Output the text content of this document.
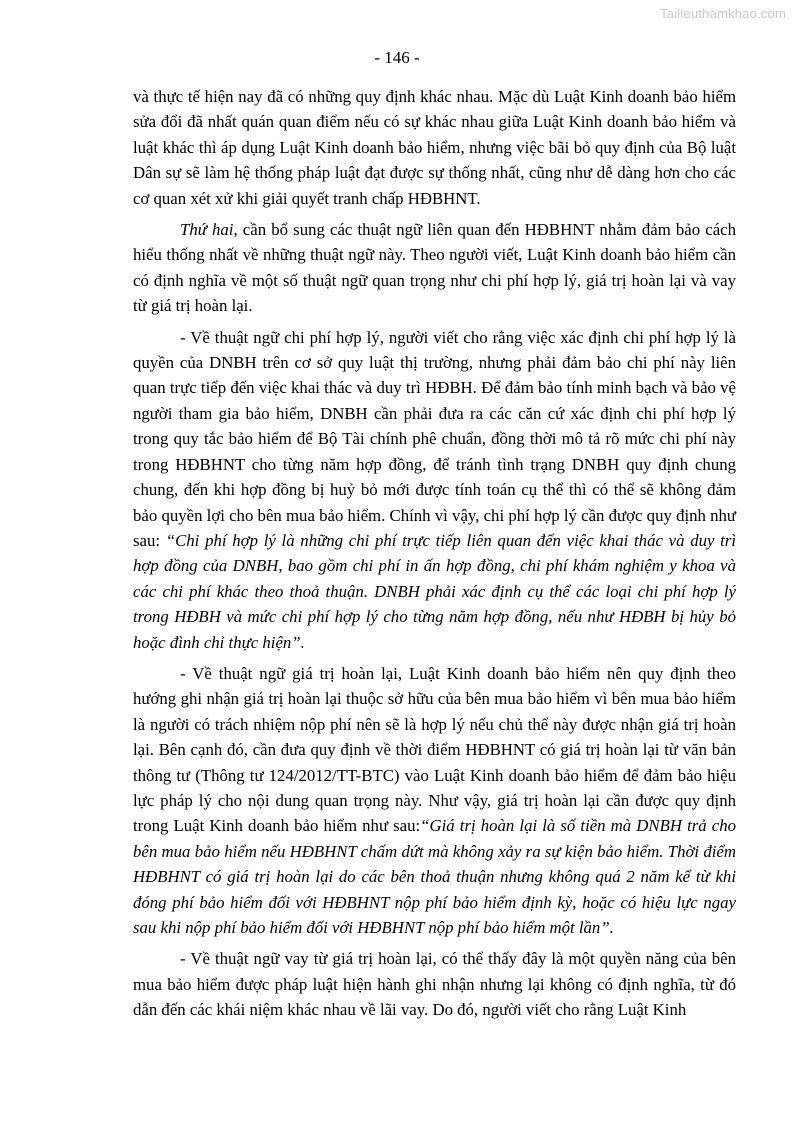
Tailieuthamkhao.com
- 146 -

và thực tế hiện nay đã có những quy định khác nhau. Mặc dù Luật Kinh doanh bảo hiểm sửa đổi đã nhất quán quan điểm nếu có sự khác nhau giữa Luật Kinh doanh bảo hiểm và luật khác thì áp dụng Luật Kinh doanh bảo hiểm, nhưng việc bãi bỏ quy định của Bộ luật Dân sự sẽ làm hệ thống pháp luật đạt được sự thống nhất, cũng như dễ dàng hơn cho các cơ quan xét xử khi giải quyết tranh chấp HĐBHNT.

Thứ hai, cần bổ sung các thuật ngữ liên quan đến HĐBHNT nhằm đảm bảo cách hiểu thống nhất về những thuật ngữ này. Theo người viết, Luật Kinh doanh bảo hiểm cần có định nghĩa về một số thuật ngữ quan trọng như chi phí hợp lý, giá trị hoàn lại và vay từ giá trị hoàn lại.

- Về thuật ngữ chi phí hợp lý, người viết cho rằng việc xác định chi phí hợp lý là quyền của DNBH trên cơ sở quy luật thị trường, nhưng phải đảm bảo chi phí này liên quan trực tiếp đến việc khai thác và duy trì HĐBH. Để đảm bảo tính minh bạch và bảo vệ người tham gia bảo hiểm, DNBH cần phải đưa ra các căn cứ xác định chi phí hợp lý trong quy tắc bảo hiểm để Bộ Tài chính phê chuẩn, đồng thời mô tả rõ mức chi phí này trong HĐBHNT cho từng năm hợp đồng, để tránh tình trạng DNBH quy định chung chung, đến khi hợp đồng bị huỷ bỏ mới được tính toán cụ thể thì có thể sẽ không đảm bảo quyền lợi cho bên mua bảo hiểm. Chính vì vậy, chi phí hợp lý cần được quy định như sau: “Chi phí hợp lý là những chi phí trực tiếp liên quan đến việc khai thác và duy trì hợp đồng của DNBH, bao gồm chi phí in ấn hợp đồng, chi phí khám nghiệm y khoa và các chi phí khác theo thoả thuận. DNBH phải xác định cụ thể các loại chi phí hợp lý trong HĐBH và mức chi phí hợp lý cho từng năm hợp đồng, nếu như HĐBH bị hủy bỏ hoặc đình chỉ thực hiện”.

- Về thuật ngữ giá trị hoàn lại, Luật Kinh doanh bảo hiểm nên quy định theo hướng ghi nhận giá trị hoàn lại thuộc sở hữu của bên mua bảo hiểm vì bên mua bảo hiểm là người có trách nhiệm nộp phí nên sẽ là hợp lý nếu chủ thể này được nhận giá trị hoàn lại. Bên cạnh đó, cần đưa quy định về thời điểm HĐBHNT có giá trị hoàn lại từ văn bản thông tư (Thông tư 124/2012/TT-BTC) vào Luật Kinh doanh bảo hiểm để đảm bảo hiệu lực pháp lý cho nội dung quan trọng này. Như vậy, giá trị hoàn lại cần được quy định trong Luật Kinh doanh bảo hiểm như sau:“Giá trị hoàn lại là số tiền mà DNBH trả cho bên mua bảo hiểm nếu HĐBHNT chấm dứt mà không xảy ra sự kiện bảo hiểm. Thời điểm HĐBHNT có giá trị hoàn lại do các bên thoả thuận nhưng không quá 2 năm kể từ khi đóng phí bảo hiểm đối với HĐBHNT nộp phí bảo hiểm định kỳ, hoặc có hiệu lực ngay sau khi nộp phí bảo hiểm đối với HĐBHNT nộp phí bảo hiểm một lần”.

- Về thuật ngữ vay từ giá trị hoàn lại, có thể thấy đây là một quyền năng của bên mua bảo hiểm được pháp luật hiện hành ghi nhận nhưng lại không có định nghĩa, từ đó dẫn đến các khái niệm khác nhau về lãi vay. Do đó, người viết cho rằng Luật Kinh
